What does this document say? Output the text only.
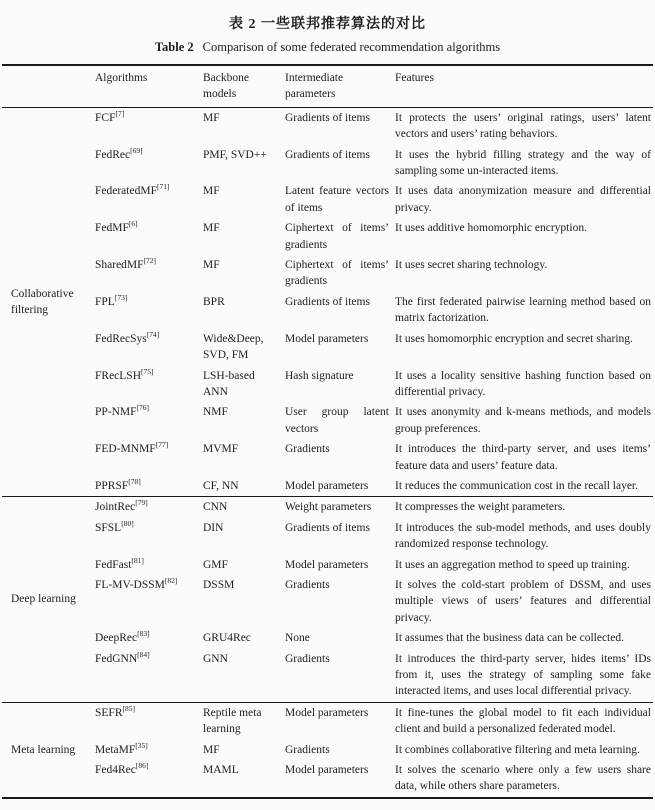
表 2 一些联邦推荐算法的对比
Table 2 Comparison of some federated recommendation algorithms
	Algorithms	Backbone models	Intermediate parameters	Features
Collaborative filtering	FCF[7]	MF	Gradients of items	It protects the users’ original ratings, users’ latent vectors and users’ rating behaviors.
	FedRec[69]	PMF, SVD++	Gradients of items	It uses the hybrid filling strategy and the way of sampling some un-interacted items.
	FederatedMF[71]	MF	Latent feature vectors of items	It uses data anonymization measure and differential privacy.
	FedMF[6]	MF	Ciphertext of items’ gradients	It uses additive homomorphic encryption.
	SharedMF[72]	MF	Ciphertext of items’ gradients	It uses secret sharing technology.
	FPL[73]	BPR	Gradients of items	The first federated pairwise learning method based on matrix factorization.
	FedRecSys[74]	Wide&Deep, SVD, FM	Model parameters	It uses homomorphic encryption and secret sharing.
	FRecLSH[75]	LSH-based ANN	Hash signature	It uses a locality sensitive hashing function based on differential privacy.
	PP-NMF[76]	NMF	User group latent vectors	It uses anonymity and k-means methods, and models group preferences.
	FED-MNMF[77]	MVMF	Gradients	It introduces the third-party server, and uses items’ feature data and users’ feature data.
	PPRSF[78]	CF, NN	Model parameters	It reduces the communication cost in the recall layer.
Deep learning	JointRec[79]	CNN	Weight parameters	It compresses the weight parameters.
	SFSL[80]	DIN	Gradients of items	It introduces the sub-model methods, and uses doubly randomized response technology.
	FedFast[81]	GMF	Model parameters	It uses an aggregation method to speed up training.
	FL-MV-DSSM[82]	DSSM	Gradients	It solves the cold-start problem of DSSM, and uses multiple views of users’ features and differential privacy.
	DeepRec[83]	GRU4Rec	None	It assumes that the business data can be collected.
	FedGNN[84]	GNN	Gradients	It introduces the third-party server, hides items’ IDs from it, uses the strategy of sampling some fake interacted items, and uses local differential privacy.
Meta learning	SEFR[85]	Reptile meta learning	Model parameters	It fine-tunes the global model to fit each individual client and build a personalized federated model.
	MetaMF[35]	MF	Gradients	It combines collaborative filtering and meta learning.
	Fed4Rec[86]	MAML	Model parameters	It solves the scenario where only a few users share data, while others share parameters.
